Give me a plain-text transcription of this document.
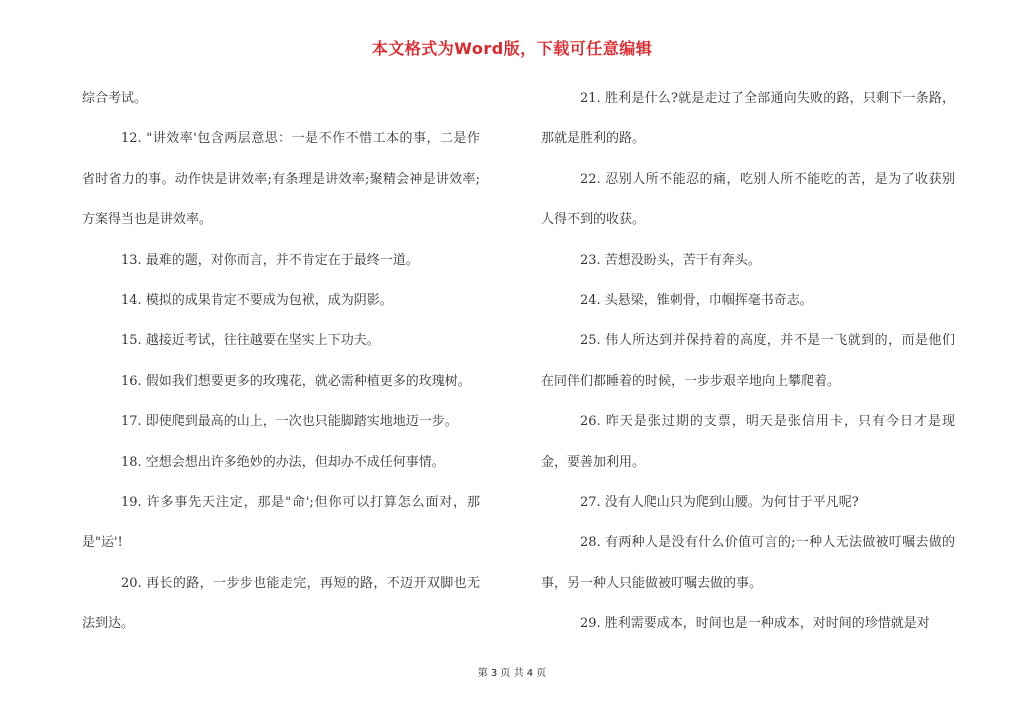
本文格式为Word版，下载可任意编辑

综合考试。

12. "讲效率'包含两层意思：一是不作不惜工本的事，二是作省时省力的事。动作快是讲效率;有条理是讲效率;聚精会神是讲效率;方案得当也是讲效率。

13. 最难的题，对你而言，并不肯定在于最终一道。

14. 模拟的成果肯定不要成为包袱，成为阴影。

15. 越接近考试，往往越要在坚实上下功夫。

16. 假如我们想要更多的玫瑰花，就必需种植更多的玫瑰树。

17. 即使爬到最高的山上，一次也只能脚踏实地地迈一步。

18. 空想会想出许多绝妙的办法，但却办不成任何事情。

19. 许多事先天注定，那是"命';但你可以打算怎么面对，那是"运'!

20. 再长的路，一步步也能走完，再短的路，不迈开双脚也无法到达。

21. 胜利是什么?就是走过了全部通向失败的路，只剩下一条路，那就是胜利的路。

22. 忍别人所不能忍的痛，吃别人所不能吃的苦，是为了收获别人得不到的收获。

23. 苦想没盼头，苦干有奔头。

24. 头悬梁，锥刺骨，巾帼挥毫书奇志。

25. 伟人所达到并保持着的高度，并不是一飞就到的，而是他们在同伴们都睡着的时候，一步步艰辛地向上攀爬着。

26. 昨天是张过期的支票，明天是张信用卡，只有今日才是现金，要善加利用。

27. 没有人爬山只为爬到山腰。为何甘于平凡呢?

28. 有两种人是没有什么价值可言的;一种人无法做被叮嘱去做的事，另一种人只能做被叮嘱去做的事。

29. 胜利需要成本，时间也是一种成本，对时间的珍惜就是对

第 3 页 共 4 页
